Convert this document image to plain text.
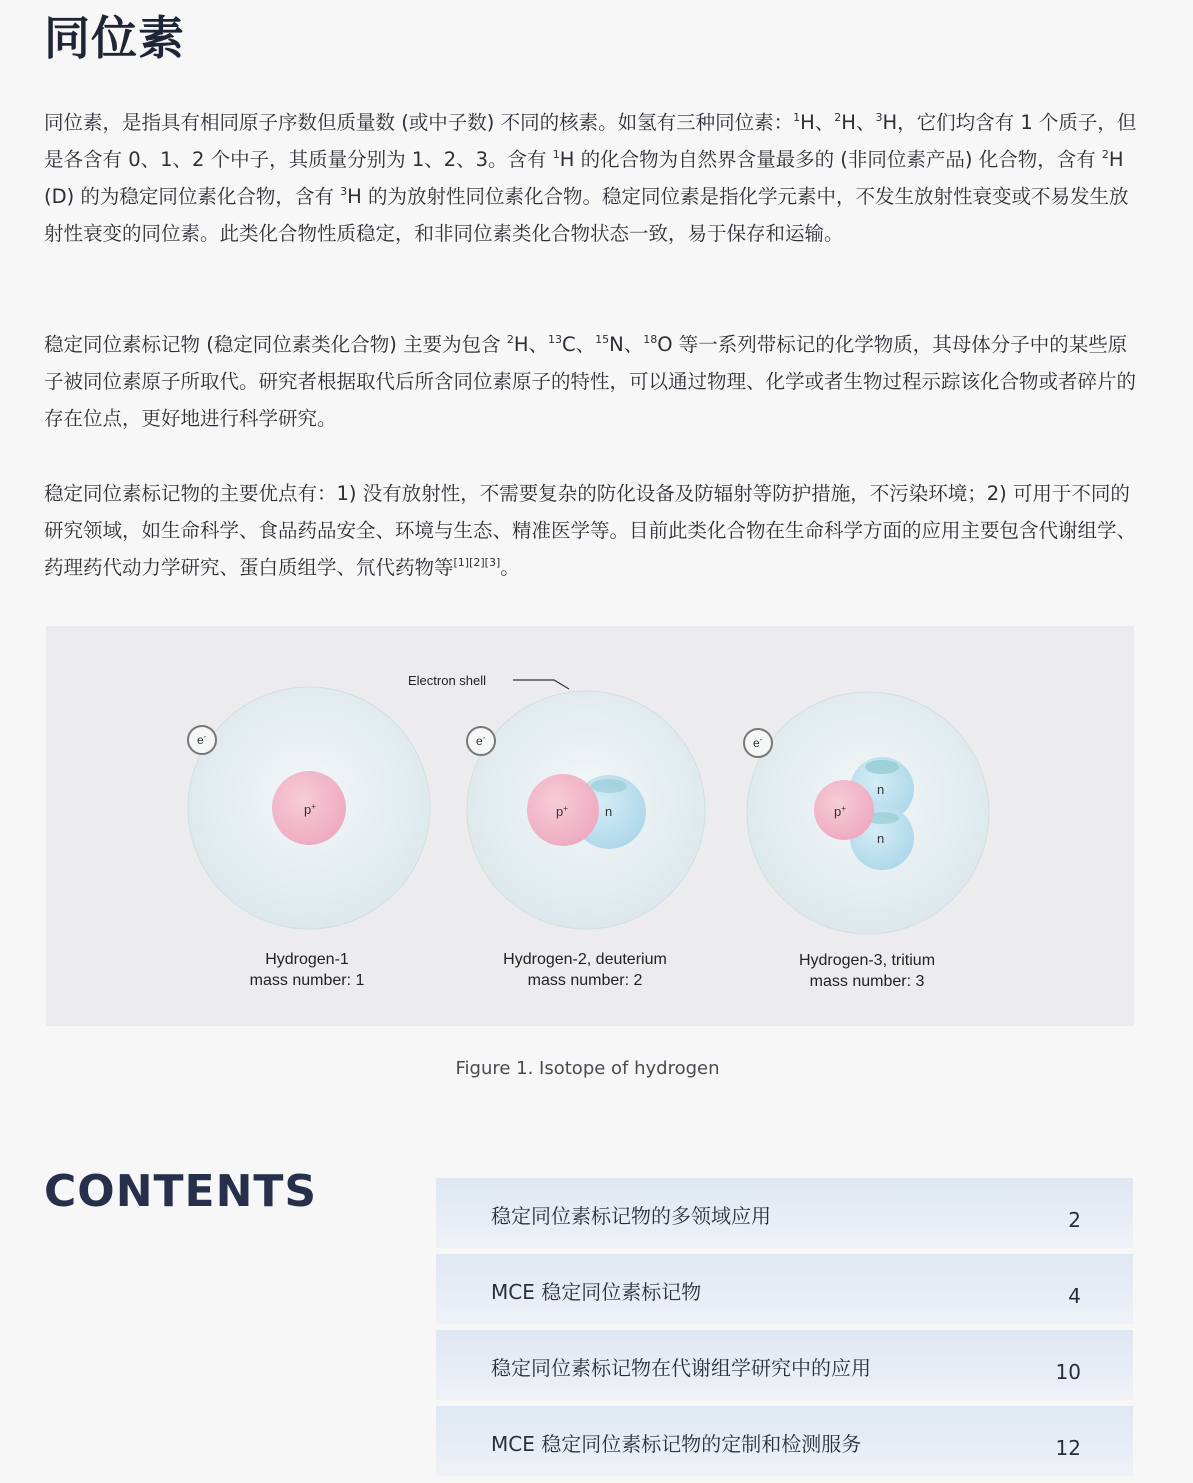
同位素
同位素，是指具有相同原子序数但质量数 (或中子数) 不同的核素。如氢有三种同位素：$^1$H、$^2$H、$^3$H，它们均含有 1 个质子，但是各含有 0、1、2 个中子，其质量分别为 1、2、3。含有 $^1$H 的化合物为自然界含量最多的 (非同位素产品) 化合物，含有 $^2$H (D) 的为稳定同位素化合物，含有 $^3$H 的为放射性同位素化合物。稳定同位素是指化学元素中，不发生放射性衰变或不易发生放射性衰变的同位素。此类化合物性质稳定，和非同位素类化合物状态一致，易于保存和运输。
稳定同位素标记物 (稳定同位素类化合物) 主要为包含 $^2$H、$^{13}$C、$^{15}$N、$^{18}$O 等一系列带标记的化学物质，其母体分子中的某些原子被同位素原子所取代。研究者根据取代后所含同位素原子的特性，可以通过物理、化学或者生物过程示踪该化合物或者碎片的存在位点，更好地进行科学研究。
稳定同位素标记物的主要优点有：1) 没有放射性，不需要复杂的防化设备及防辐射等防护措施，不污染环境；2) 可用于不同的研究领域，如生命科学、食品药品安全、环境与生态、精准医学等。目前此类化合物在生命科学方面的应用主要包含代谢组学、药理药代动力学研究、蛋白质组学、氘代药物等[1][2][3]。
Electron shell
p+
e-
p+	n
e-
p+
n
n
e-
Hydrogen-1
mass number: 1
Hydrogen-2, deuterium
mass number: 2
Hydrogen-3, tritium
mass number: 3
Figure 1. Isotope of hydrogen
CONTENTS	稳定同位素标记物的多领域应用	2
MCE 稳定同位素标记物	4
稳定同位素标记物在代谢组学研究中的应用	10
MCE 稳定同位素标记物的定制和检测服务	12
